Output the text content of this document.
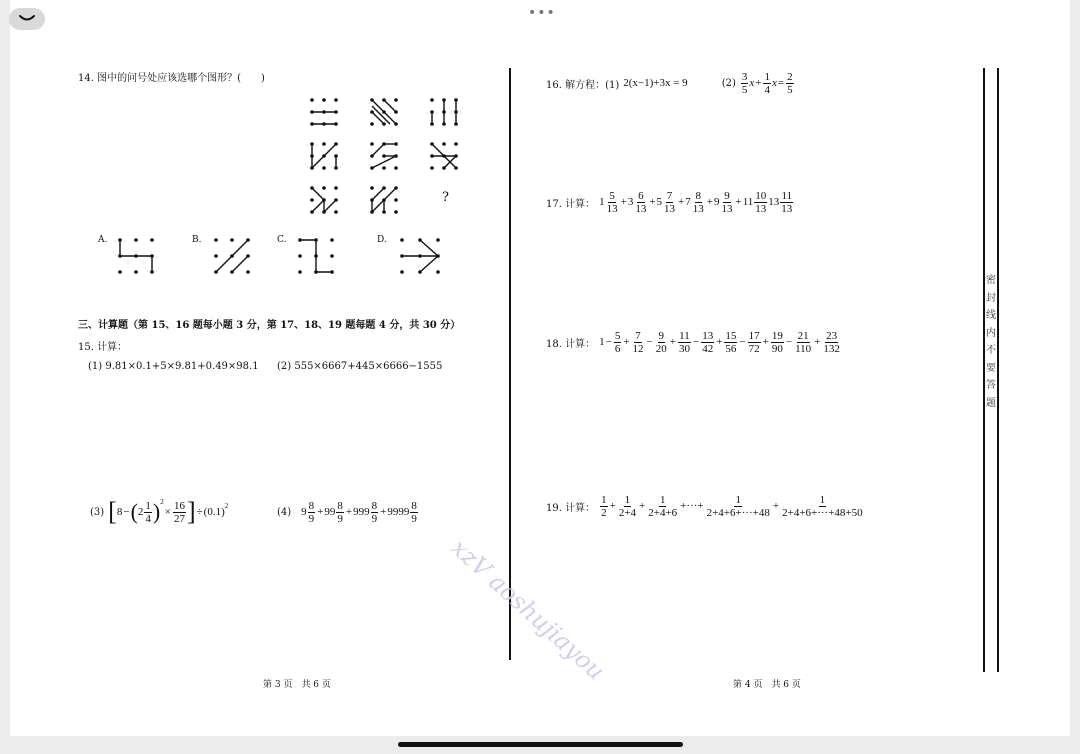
•••
14. 图中的问号处应该选哪个图形？(　　)
?
A.	B.	C.	D.
三、计算题（第 15、16 题每小题 3 分，第 17、18、19 题每题 4 分，共 30 分）
15. 计算：
(1) 9.81×0.1+5×9.81+0.49×98.1 (2) 555×6667+445×6666−1555
(3) [ 8 − ( $2 \frac{1}{4} )^2$
× $\frac{16}{27}$ ] ÷ $(0.1)^2$
(4) $9 \frac{8}{9} + 99 \frac{8}{9} + 999 \frac{8}{9} + 9999 \frac{8}{9}$
第 3 页　共 6 页
16. 解方程：(1) 2(x−1)+3x = 9	$(2) \frac{3}{5}$ $x + \frac{1}{4}$ $x = \frac{2}{5}$
17. 计算： $1 \frac{5}{13} + 3 \frac{6}{13} + 5 \frac{7}{13} + 7 \frac{8}{13} + 9 \frac{9}{13} + 11 \frac{10}{13} 13 \frac{11}{13}$
18. 计算： $1 - \frac{5}{6} + \frac{7}{12} - \frac{9}{20} + \frac{11}{30} - \frac{13}{42} + \frac{15}{56} - \frac{17}{72} + \frac{19}{90} - \frac{21}{110} + \frac{23}{132}$
19. 计算： $\frac{1}{2} + \frac{1}{2+4} + \frac{1}{2+4+6}$ +···+ $\frac{1}{2+4+6+\cdot\cdot\cdot+48} + \frac{1}{2+4+6+\cdot\cdot\cdot+48+50}$
第 4 页　共 6 页
密封线内不要答题
xzV aoshujiayou
